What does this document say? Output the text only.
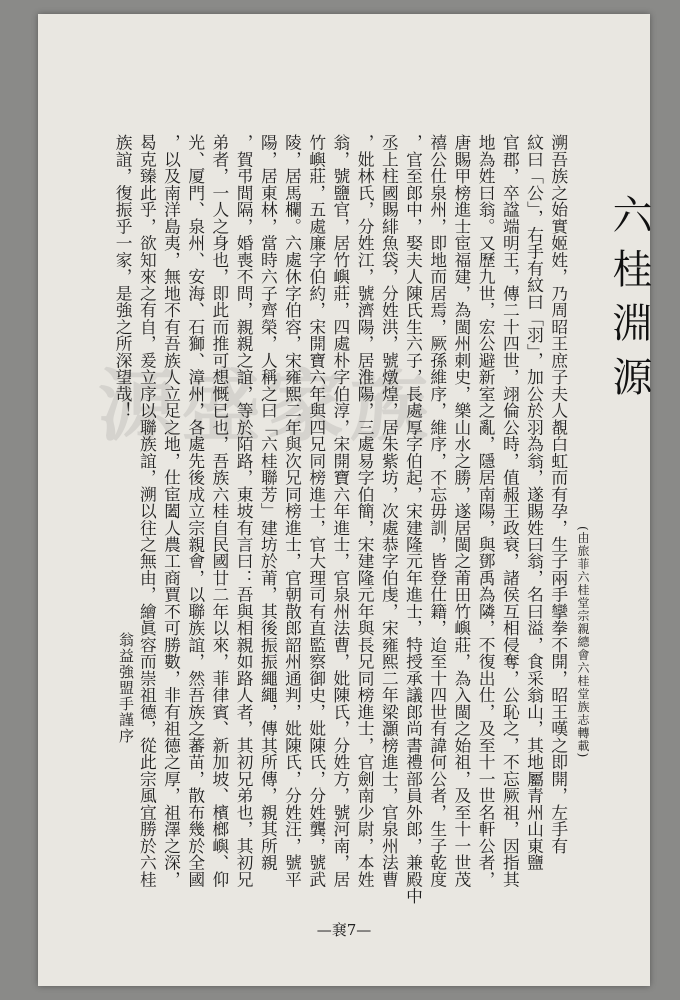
源盛家族	六桂淵源
(由旅菲六桂堂宗親總會六桂堂族志轉載)
溯吾族之始實姬姓，乃周昭王庶子夫人覩白虹而有孕，生子兩手攣拳不開，昭王嘆之即開，左手有
紋曰「公」，右手有紋曰「羽」，加公於羽為翁，遂賜姓曰翁，名曰溢，食采翁山，其地屬青州山東鹽
官郡，卒諡端明王，傳二十四世，翊倫公時，值赧王政衰，諸侯互相侵奪，公恥之，不忘厥祖，因指其
地為姓曰翁。又歷九世，宏公避新室之亂，隱居南陽，與鄧禹為隣，不復出仕，及至十一世名軒公者，
唐賜甲榜進士宦福建，為閩州刺史，樂山水之勝，遂居閩之莆田竹嶼莊，為入閩之始祖，及至十一世茂
禧公仕泉州，即地而居焉，厥孫維序，維序，不忘毋訓，皆登仕籍，迨至十四世有諱何公者，生子乾度
，官至郎中，娶夫人陳氏生六子，長處厚字伯起，宋建隆元年進士，特授承議郎尚書禮部員外郎，兼殿中
丞上柱國賜緋魚袋，分姓洪，號燉煌，居朱紫坊，次處恭字伯虔，宋雍熙二年梁灝榜進士，官泉州法曹
，妣林氏，分姓江，號濟陽，居淮陽，三處易字伯簡，宋建隆元年與長兄同榜進士，官劍南少尉，本姓
翁，號鹽官，居竹嶼莊，四處朴字伯淳，宋開寶六年進士，官泉州法曹，妣陳氏，分姓方，號河南，居
竹嶼莊，五處廉字伯約，宋開寶六年與四兄同榜進士，官大理司有直監察御史，妣陳氏，分姓龔，號武
陵，居馬欄。六處休字伯容，宋雍熙二年與次兄同榜進士，官朝散郎韶州通判，妣陳氏，分姓汪，號平
陽，居東林，當時六子齊榮，人稱之曰「六桂聯芳」建坊於莆，其後振振繩繩，傳其所傳，親其所親
，賀弔間隔，婚喪不問，親親之誼，等於陌路，東坡有言曰：吾與相親如路人者，其初兄弟也，其初兄
弟者，一人之身也，即此而推可想慨已也，吾族六桂自民國廿二年以來，菲律賓、新加坡、檳榔嶼、仰
光、厦門、泉州、安海、石獅、漳州，各處先後成立宗親會，以聯族誼，然吾族之蕃苗，散布幾於全國
，以及南洋島夷，無地不有吾族人立足之地，仕宦闔人農工商賈不可勝數，非有祖德之厚，祖澤之深，
曷克臻此乎，欲知來之有自，爰立序以聯族誼，溯以往之無由，繪眞容而崇祖德，從此宗風宜勝於六桂
族誼，復振乎一家，是強之所深望哉！
翁益強盟手謹序
—㐮7—
